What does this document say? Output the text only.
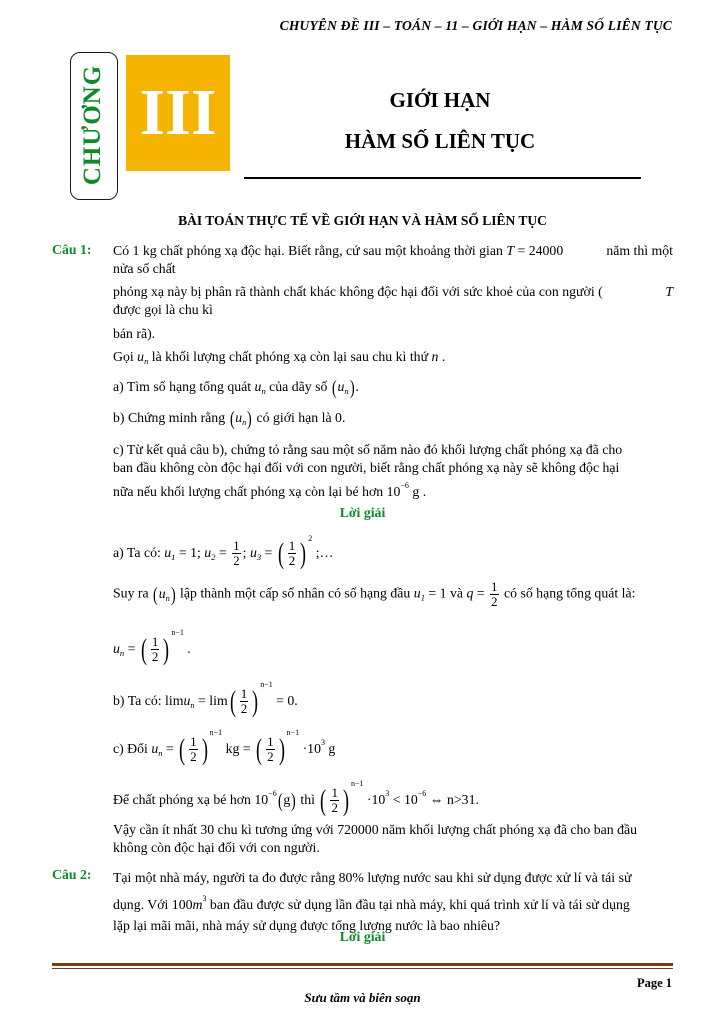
CHUYÊN ĐỀ III – TOÁN – 11 – GIỚI HẠN – HÀM SỐ LIÊN TỤC
CHƯƠNG III	GIỚI HẠN
HÀM SỐ LIÊN TỤC
BÀI TOÁN THỰC TẾ VỀ GIỚI HẠN VÀ HÀM SỐ LIÊN TỤC
Câu 1: Có 1 kg chất phóng xạ độc hại. Biết rằng, cứ sau một khoảng thời gian T = 24000	năm thì một
nửa số chất
phóng xạ này bị phân rã thành chất khác không độc hại đối với sức khoẻ của con người (	T
được gọi là chu kì
bán rã).
Gọi $u_n$ là khối lượng chất phóng xạ còn lại sau chu kì thứ n .
a) Tìm số hạng tổng quát $u_n$ của dãy số $(u_n)$.
b) Chứng minh rằng $(u_n)$ có giới hạn là 0.
c) Từ kết quả câu b), chứng tỏ rằng sau một số năm nào đó khối lượng chất phóng xạ đã cho
ban đầu không còn độc hại đối với con người, biết rằng chất phóng xạ này sẽ không độc hại
nữa nếu khối lượng chất phóng xạ còn lại bé hơn $10^{-6}$ g .
Lời giải
a) Ta có: $u_1 = 1$; $u_2 = \frac{1}{2}$ ; $u_3$ = ( $\frac{1}{2}$ ) $^2$ ;…
Suy ra $(u_n)$ lập thành một cấp số nhân có số hạng đầu $u_1 = 1$ và $q = \frac{1}{2}$ có số hạng tổng quát là:
$u_n$ = ( $\frac{1}{2} )^{n-1}$ .
b) Ta có: $\lim u_n = \lim( \frac{1}{2} )^{n-1} = 0$.
c) Đổi $u_n$ = ( $\frac{1}{2} )^{n-1}$ kg = ( $\frac{1}{2} )^{n-1} \cdot 10^3$ g
Để chất phóng xạ bé hơn $10^{-6}(g)$ thì ( $\frac{1}{2} )^{n-1} \cdot 10^3 < 10^{-6}$ ⇔ n>31.
Vậy cần ít nhất 30 chu kì tương ứng với 720000 năm khối lượng chất phóng xạ đã cho ban đầu
không còn độc hại đối với con người.
Câu 2: Tại một nhà máy, người ta đo được rằng 80% lượng nước sau khi sử dụng được xử lí và tái sử
dụng. Với $100m^3$ ban đầu được sử dụng lần đầu tại nhà máy, khi quá trình xử lí và tái sử dụng
lặp lại mãi mãi, nhà máy sử dụng được tổng lượng nước là bao nhiêu?
Lời giải
Page 1
Sưu tầm và biên soạn
